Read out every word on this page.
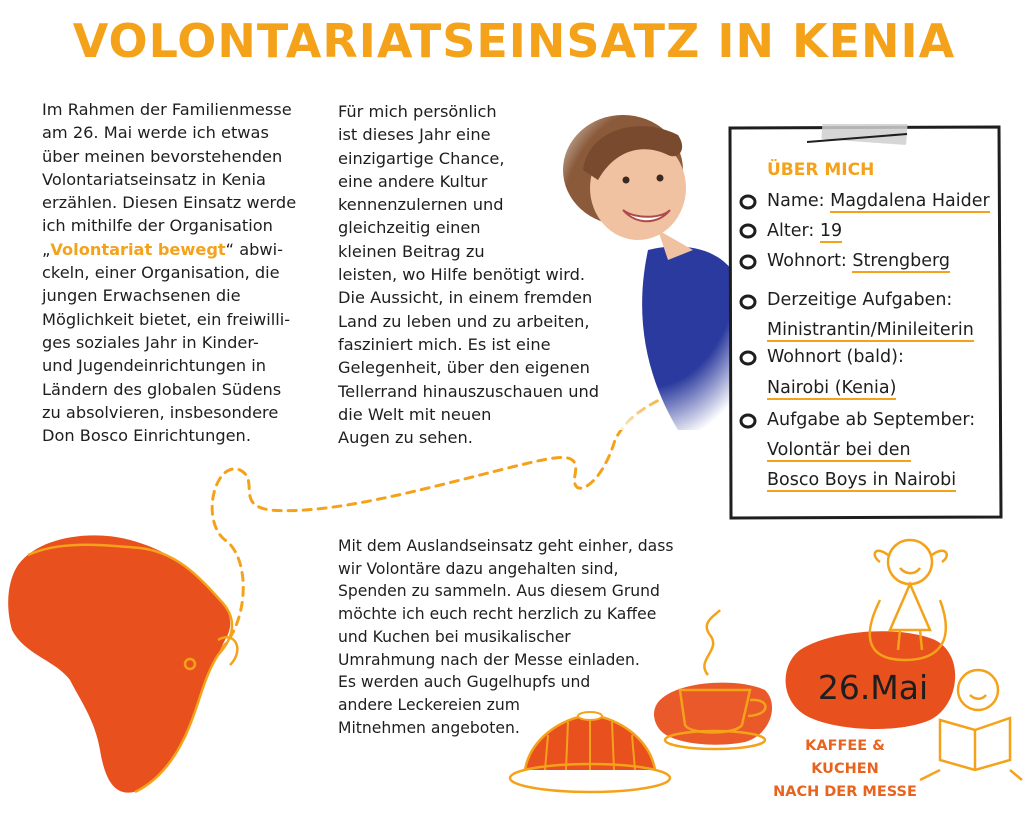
VOLONTARIATSEINSATZ IN KENIA
Im Rahmen der Familienmesse
am 26. Mai werde ich etwas
über meinen bevorstehenden
Volontariatseinsatz in Kenia
erzählen. Diesen Einsatz werde
ich mithilfe der Organisation
„Volontariat bewegt“ abwi-
ckeln, einer Organisation, die
jungen Erwachsenen die
Möglichkeit bietet, ein freiwilli-
ges soziales Jahr in Kinder-
und Jugendeinrichtungen in
Ländern des globalen Südens
zu absolvieren, insbesondere
Don Bosco Einrichtungen.
Für mich persönlich
ist dieses Jahr eine
einzigartige Chance,
eine andere Kultur
kennenzulernen und
gleichzeitig einen
kleinen Beitrag zu
leisten, wo Hilfe benötigt wird.
Die Aussicht, in einem fremden
Land zu leben und zu arbeiten,
fasziniert mich. Es ist eine
Gelegenheit, über den eigenen
Tellerrand hinauszuschauen und
die Welt mit neuen
Augen zu sehen.
ÜBER MICH
Name: Magdalena Haider
Alter: 19
Wohnort: Strengberg
Derzeitige Aufgaben:
Ministrantin/Minileiterin
Wohnort (bald):
Nairobi (Kenia)
Aufgabe ab September:
Volontär bei den
Bosco Boys in Nairobi

Mit dem Auslandseinsatz geht einher, dass

wir Volontäre dazu angehalten sind,

Spenden zu sammeln. Aus diesem Grund

möchte ich euch recht herzlich zu Kaffee

und Kuchen bei musikalischer

Umrahmung nach der Messe einladen.

Es werden auch Gugelhupfs und

andere Leckereien zum

Mitnehmen angeboten.

26.Mai
KAFFEE & KUCHEN
NACH DER MESSE
